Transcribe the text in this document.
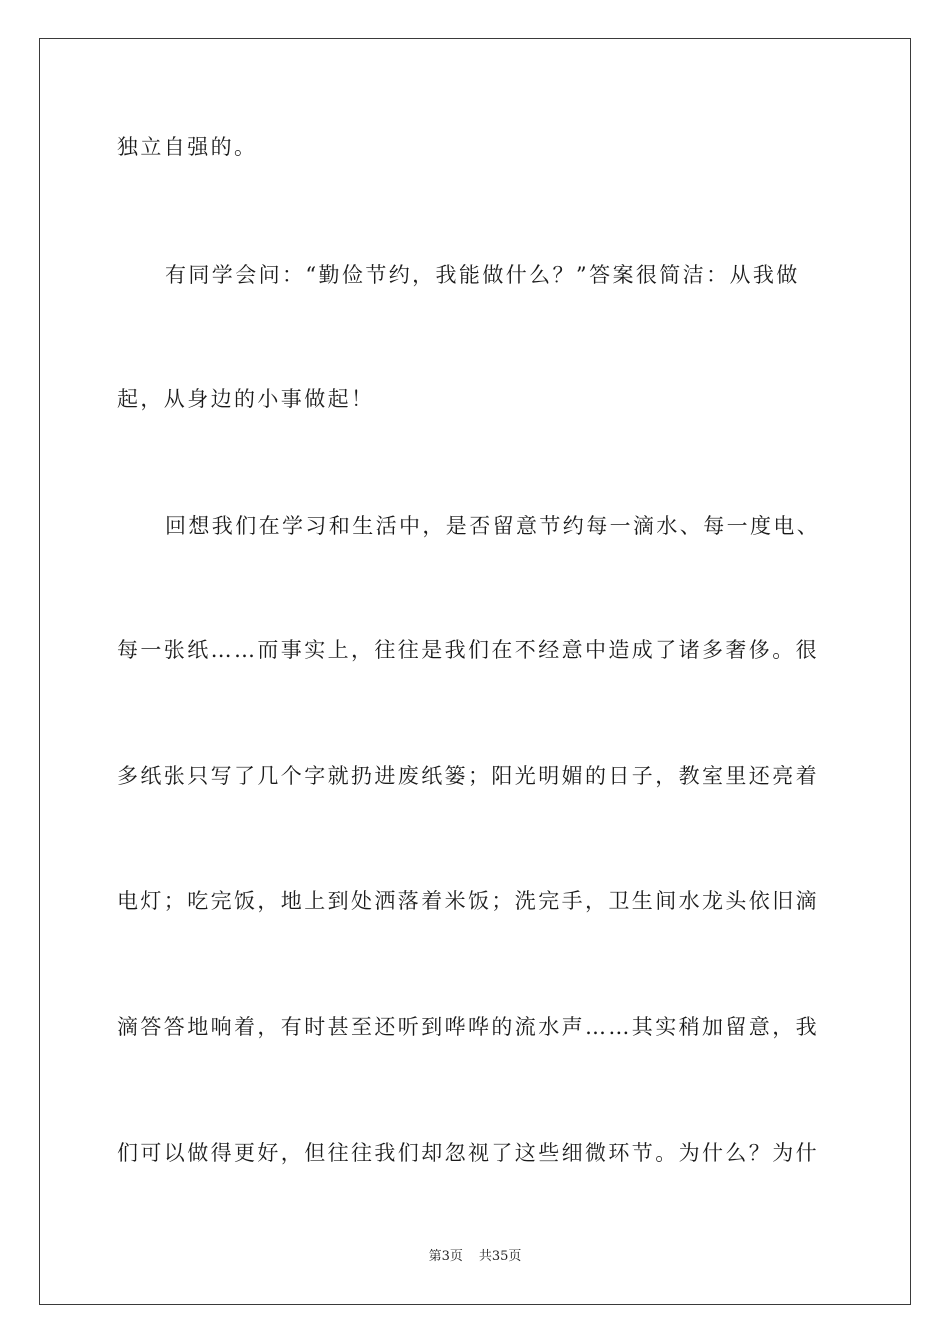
独立自强的。
有同学会问：“勤俭节约，我能做什么？”答案很简洁：从我做
起，从身边的小事做起！
回想我们在学习和生活中，是否留意节约每一滴水、每一度电、
每一张纸……而事实上，往往是我们在不经意中造成了诸多奢侈。很
多纸张只写了几个字就扔进废纸篓；阳光明媚的日子，教室里还亮着
电灯；吃完饭，地上到处洒落着米饭；洗完手，卫生间水龙头依旧滴
滴答答地响着，有时甚至还听到哗哗的流水声……其实稍加留意，我
们可以做得更好，但往往我们却忽视了这些细微环节。为什么？为什
第3页 共35页
